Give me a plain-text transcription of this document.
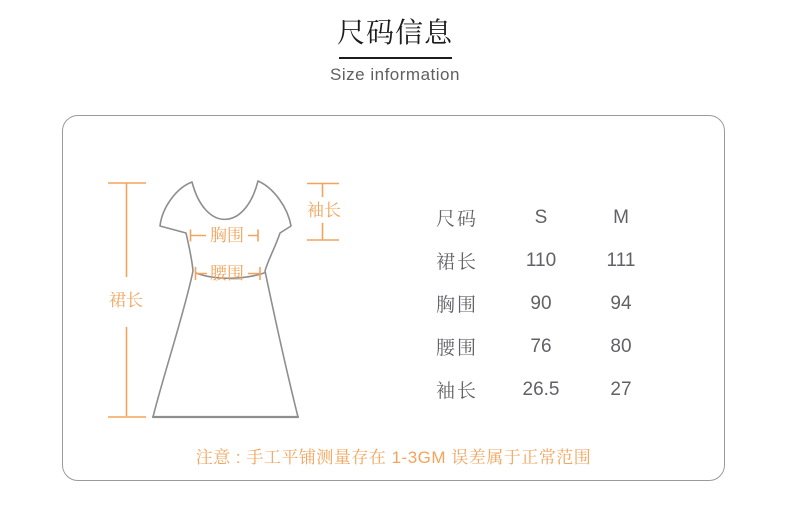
尺码信息
Size information
尺码	S	M
裙长	110	111
胸围	90	94
腰围	76	80
袖长	26.5	27
注意 : 手工平铺测量存在 1-3GM 误差属于正常范围
裙长
袖长
胸围
腰围
